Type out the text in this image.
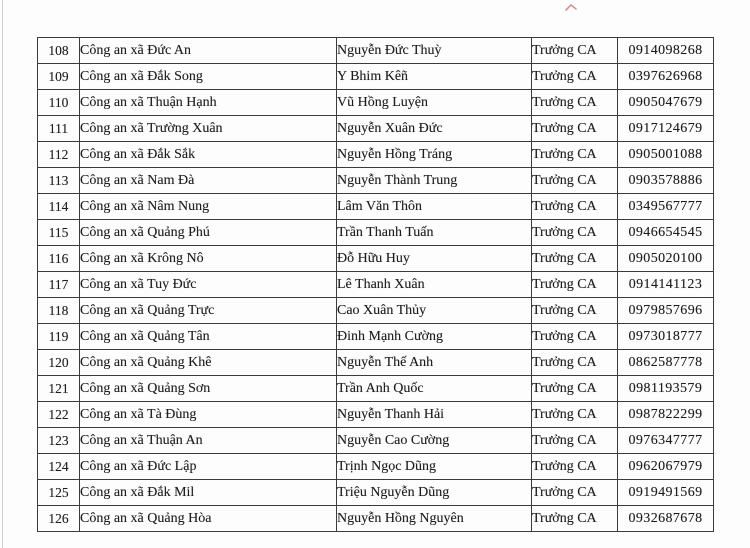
108	Công an xã Đức An	Nguyễn Đức Thuỳ	Trưởng CA	0914098268
109	Công an xã Đắk Song	Y Bhim Kêñ	Trưởng CA	0397626968
110	Công an xã Thuận Hạnh	Vũ Hồng Luyện	Trưởng CA	0905047679
111	Công an xã Trường Xuân	Nguyễn Xuân Đức	Trưởng CA	0917124679
112	Công an xã Đắk Sắk	Nguyễn Hồng Tráng	Trưởng CA	0905001088
113	Công an xã Nam Đà	Nguyễn Thành Trung	Trưởng CA	0903578886
114	Công an xã Nâm Nung	Lâm Văn Thôn	Trưởng CA	0349567777
115	Công an xã Quảng Phú	Trần Thanh Tuấn	Trưởng CA	0946654545
116	Công an xã Krông Nô	Đỗ Hữu Huy	Trưởng CA	0905020100
117	Công an xã Tuy Đức	Lê Thanh Xuân	Trưởng CA	0914141123
118	Công an xã Quảng Trực	Cao Xuân Thủy	Trưởng CA	0979857696
119	Công an xã Quảng Tân	Đinh Mạnh Cường	Trưởng CA	0973018777
120	Công an xã Quảng Khê	Nguyễn Thế Anh	Trưởng CA	0862587778
121	Công an xã Quảng Sơn	Trần Anh Quốc	Trưởng CA	0981193579
122	Công an xã Tà Đùng	Nguyễn Thanh Hải	Trưởng CA	0987822299
123	Công an xã Thuận An	Nguyễn Cao Cường	Trưởng CA	0976347777
124	Công an xã Đức Lập	Trịnh Ngọc Dũng	Trưởng CA	0962067979
125	Công an xã Đắk Mil	Triệu Nguyễn Dũng	Trưởng CA	0919491569
126	Công an xã Quảng Hòa	Nguyễn Hồng Nguyên	Trưởng CA	0932687678
